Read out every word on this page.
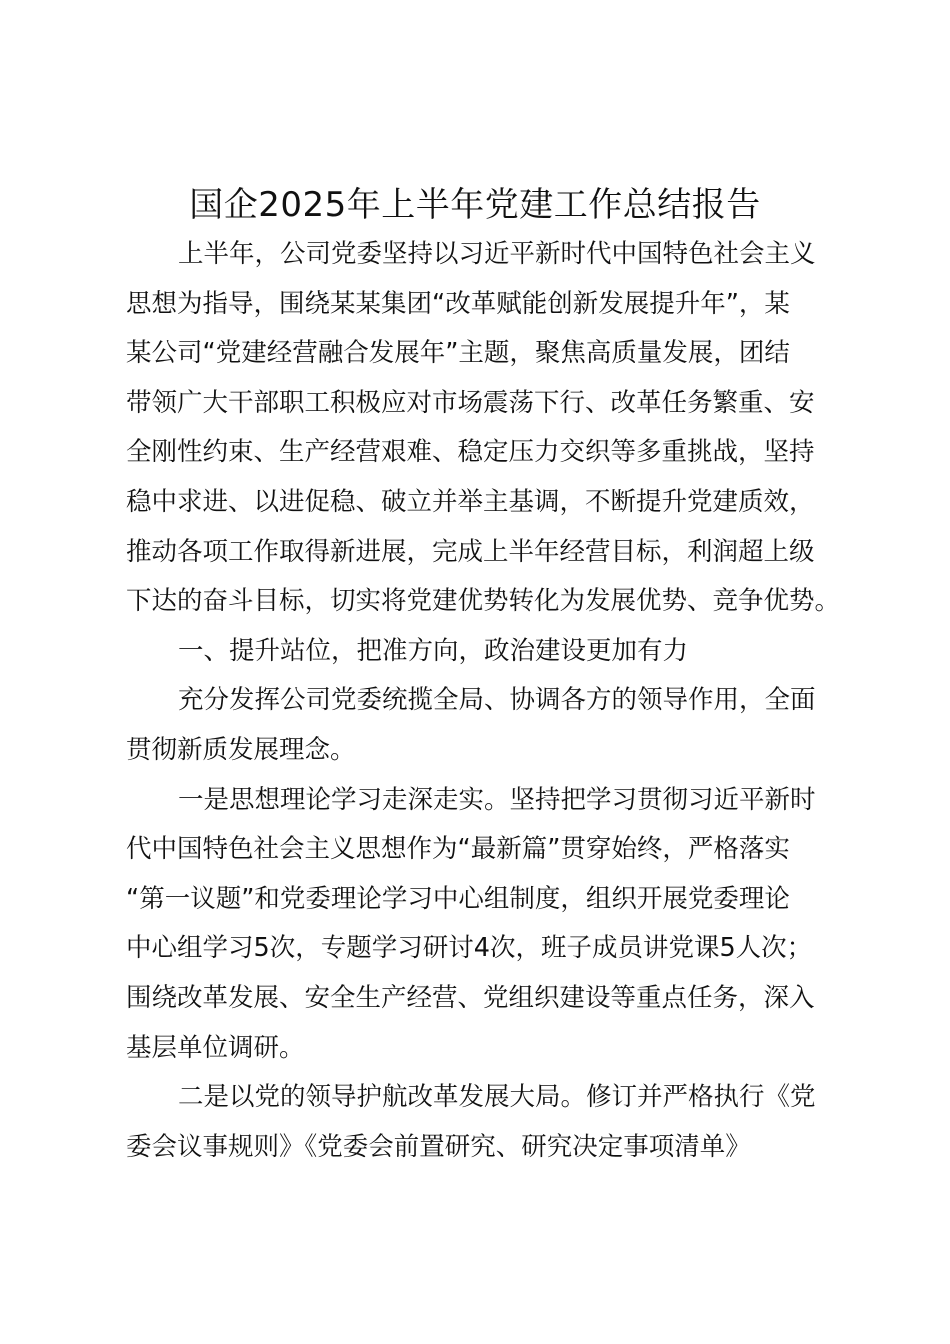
国企2025年上半年党建工作总结报告
上半年，公司党委坚持以习近平新时代中国特色社会主义
思想为指导，围绕某某集团“改革赋能创新发展提升年”，某
某公司“党建经营融合发展年”主题，聚焦高质量发展，团结
带领广大干部职工积极应对市场震荡下行、改革任务繁重、安
全刚性约束、生产经营艰难、稳定压力交织等多重挑战，坚持
稳中求进、以进促稳、破立并举主基调，不断提升党建质效，
推动各项工作取得新进展，完成上半年经营目标，利润超上级
下达的奋斗目标，切实将党建优势转化为发展优势、竞争优势。
一、提升站位，把准方向，政治建设更加有力
充分发挥公司党委统揽全局、协调各方的领导作用，全面
贯彻新质发展理念。
一是思想理论学习走深走实。坚持把学习贯彻习近平新时
代中国特色社会主义思想作为“最新篇”贯穿始终，严格落实
“第一议题”和党委理论学习中心组制度，组织开展党委理论
中心组学习5次，专题学习研讨4次，班子成员讲党课5人次；
围绕改革发展、安全生产经营、党组织建设等重点任务，深入
基层单位调研。
二是以党的领导护航改革发展大局。修订并严格执行《党
委会议事规则》《党委会前置研究、研究决定事项清单》
